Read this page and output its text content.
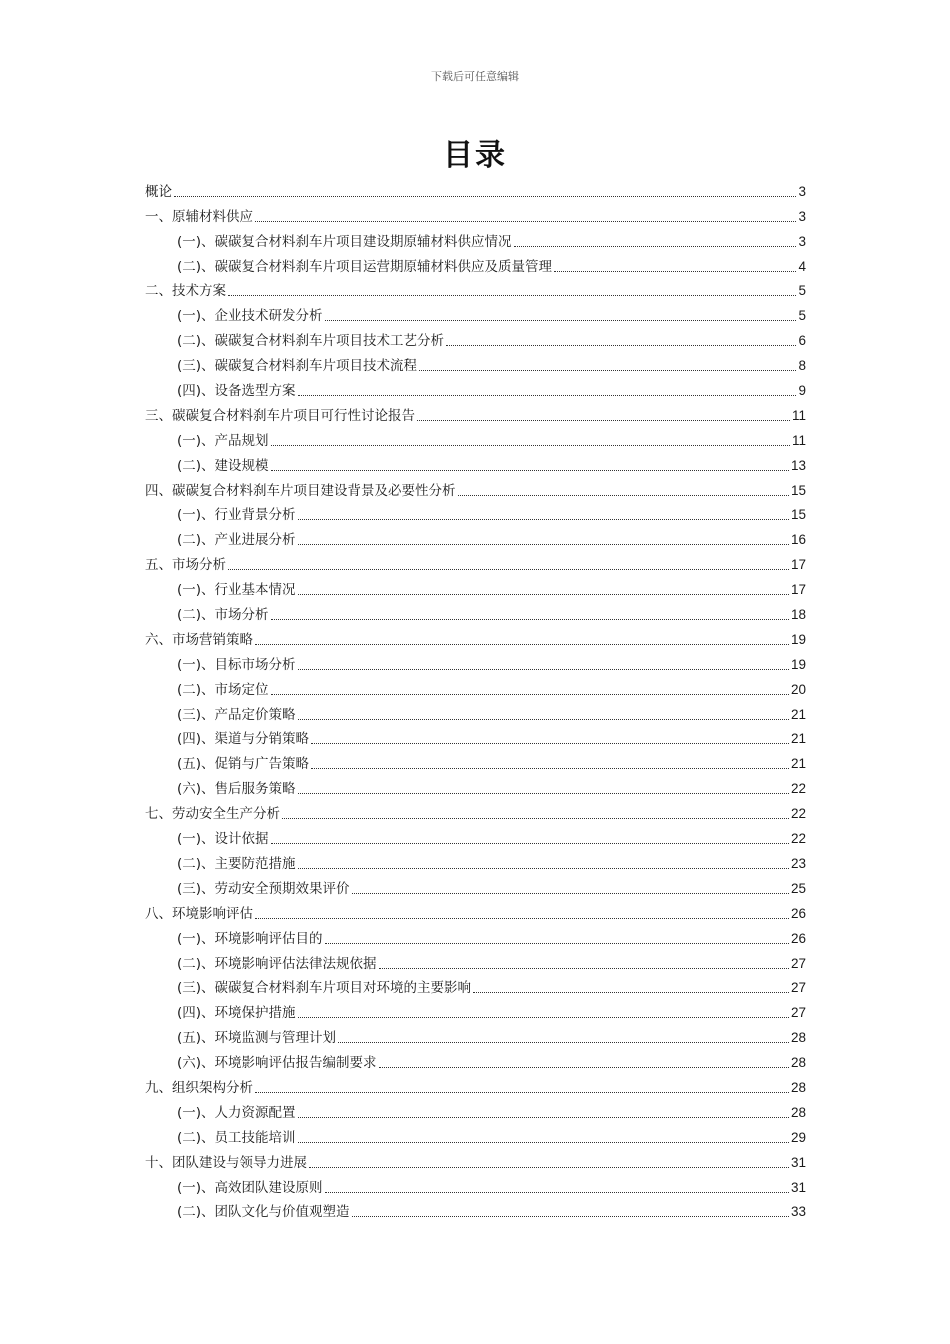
下载后可任意编辑
目录
概论	3
一、原辅材料供应	3
(一)、碳碳复合材料刹车片项目建设期原辅材料供应情况	3
(二)、碳碳复合材料刹车片项目运营期原辅材料供应及质量管理	4
二、技术方案	5
(一)、企业技术研发分析	5
(二)、碳碳复合材料刹车片项目技术工艺分析	6
(三)、碳碳复合材料刹车片项目技术流程	8
(四)、设备选型方案	9
三、碳碳复合材料刹车片项目可行性讨论报告	11
(一)、产品规划	11
(二)、建设规模	13
四、碳碳复合材料刹车片项目建设背景及必要性分析	15
(一)、行业背景分析	15
(二)、产业进展分析	16
五、市场分析	17
(一)、行业基本情况	17
(二)、市场分析	18
六、市场营销策略	19
(一)、目标市场分析	19
(二)、市场定位	20
(三)、产品定价策略	21
(四)、渠道与分销策略	21
(五)、促销与广告策略	21
(六)、售后服务策略	22
七、劳动安全生产分析	22
(一)、设计依据	22
(二)、主要防范措施	23
(三)、劳动安全预期效果评价	25
八、环境影响评估	26
(一)、环境影响评估目的	26
(二)、环境影响评估法律法规依据	27
(三)、碳碳复合材料刹车片项目对环境的主要影响	27
(四)、环境保护措施	27
(五)、环境监测与管理计划	28
(六)、环境影响评估报告编制要求	28
九、组织架构分析	28
(一)、人力资源配置	28
(二)、员工技能培训	29
十、团队建设与领导力进展	31
(一)、高效团队建设原则	31
(二)、团队文化与价值观塑造	33
